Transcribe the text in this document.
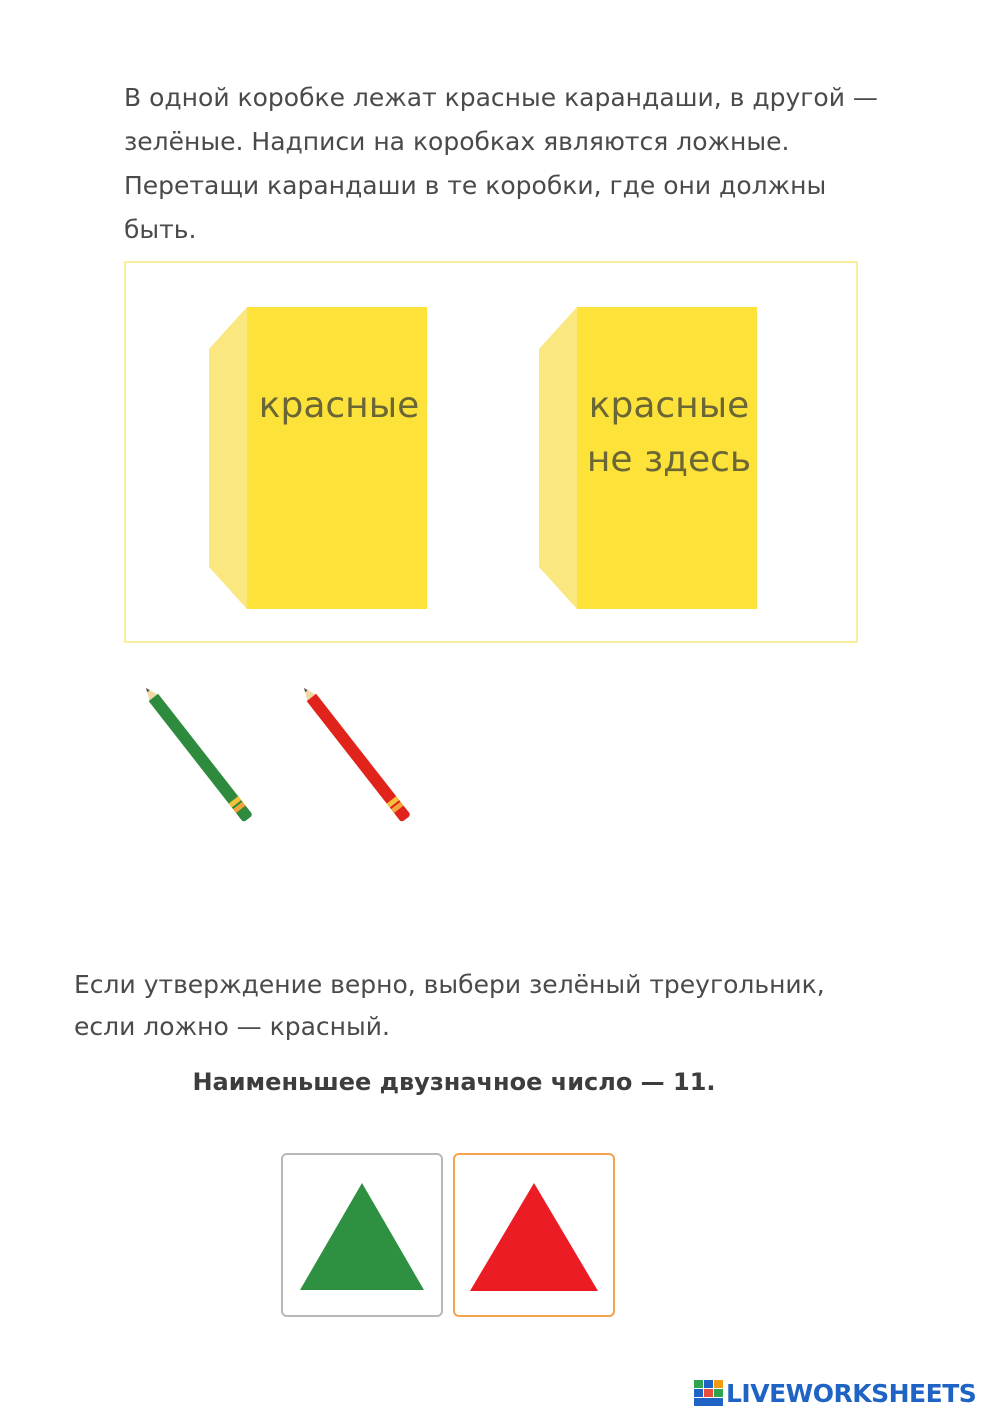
В одной коробке лежат красные карандаши, в другой —
зелёные. Надписи на коробках являются ложные.
Перетащи карандаши в те коробки, где они должны
быть.
красные	красные
не здесь
Если утверждение верно, выбери зелёный треугольник,
если ложно — красный.
Наименьшее двузначное число — 11.
LIVEWORKSHEETS
